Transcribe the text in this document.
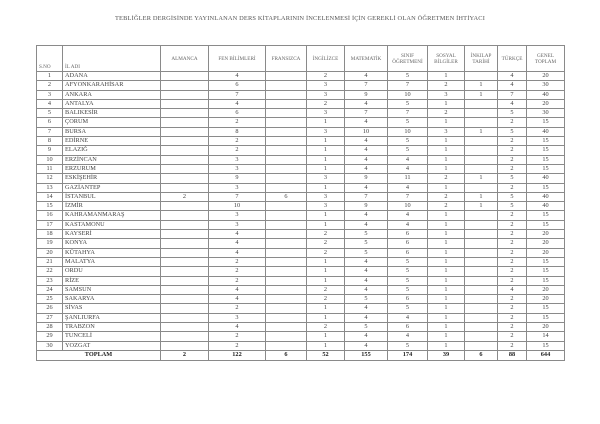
TEBLİĞLER DERGİSİNDE YAYINLANAN DERS KİTAPLARININ İNCELENMESİ İÇİN GEREKLİ OLAN ÖĞRETMEN İHTİYACI
S.NO	İL ADI	ALMANCA	FEN BİLİMLERİ	FRANSIZCA	İNGİLİZCE	MATEMATİK	SINIF ÖĞRETMENİ	SOSYAL BİLGİLER	İNKILAP TARİHİ	TÜRKÇE	GENEL TOPLAM
1	ADANA		4		2	4	5	1		4	20
2	AFYONKARAHİSAR		6		3	7	7	2	1	4	30
3	ANKARA		7		3	9	10	3	1	7	40
4	ANTALYA		4		2	4	5	1		4	20
5	BALIKESİR		6		3	7	7	2		5	30
6	ÇORUM		2		1	4	5	1		2	15
7	BURSA		8		3	10	10	3	1	5	40
8	EDİRNE		2		1	4	5	1		2	15
9	ELAZIĞ		2		1	4	5	1		2	15
10	ERZİNCAN		3		1	4	4	1		2	15
11	ERZURUM		3		1	4	4	1		2	15
12	ESKİŞEHİR		9		3	9	11	2	1	5	40
13	GAZİANTEP		3		1	4	4	1		2	15
14	İSTANBUL	2	7	6	3	7	7	2	1	5	40
15	İZMİR		10		3	9	10	2	1	5	40
16	KAHRAMANMARAŞ		3		1	4	4	1		2	15
17	KASTAMONU		3		1	4	4	1		2	15
18	KAYSERİ		4		2	5	6	1		2	20
19	KONYA		4		2	5	6	1		2	20
20	KÜTAHYA		4		2	5	6	1		2	20
21	MALATYA		2		1	4	5	1		2	15
22	ORDU		2		1	4	5	1		2	15
23	RİZE		2		1	4	5	1		2	15
24	SAMSUN		4		2	4	5	1		4	20
25	SAKARYA		4		2	5	6	1		2	20
26	SİVAS		2		1	4	5	1		2	15
27	ŞANLIURFA		3		1	4	4	1		2	15
28	TRABZON		4		2	5	6	1		2	20
29	TUNCELİ		2		1	4	4	1		2	14
30	YOZGAT		2		1	4	5	1		2	15
TOPLAM		2	122	6	52	155	174	39	6	88	644
